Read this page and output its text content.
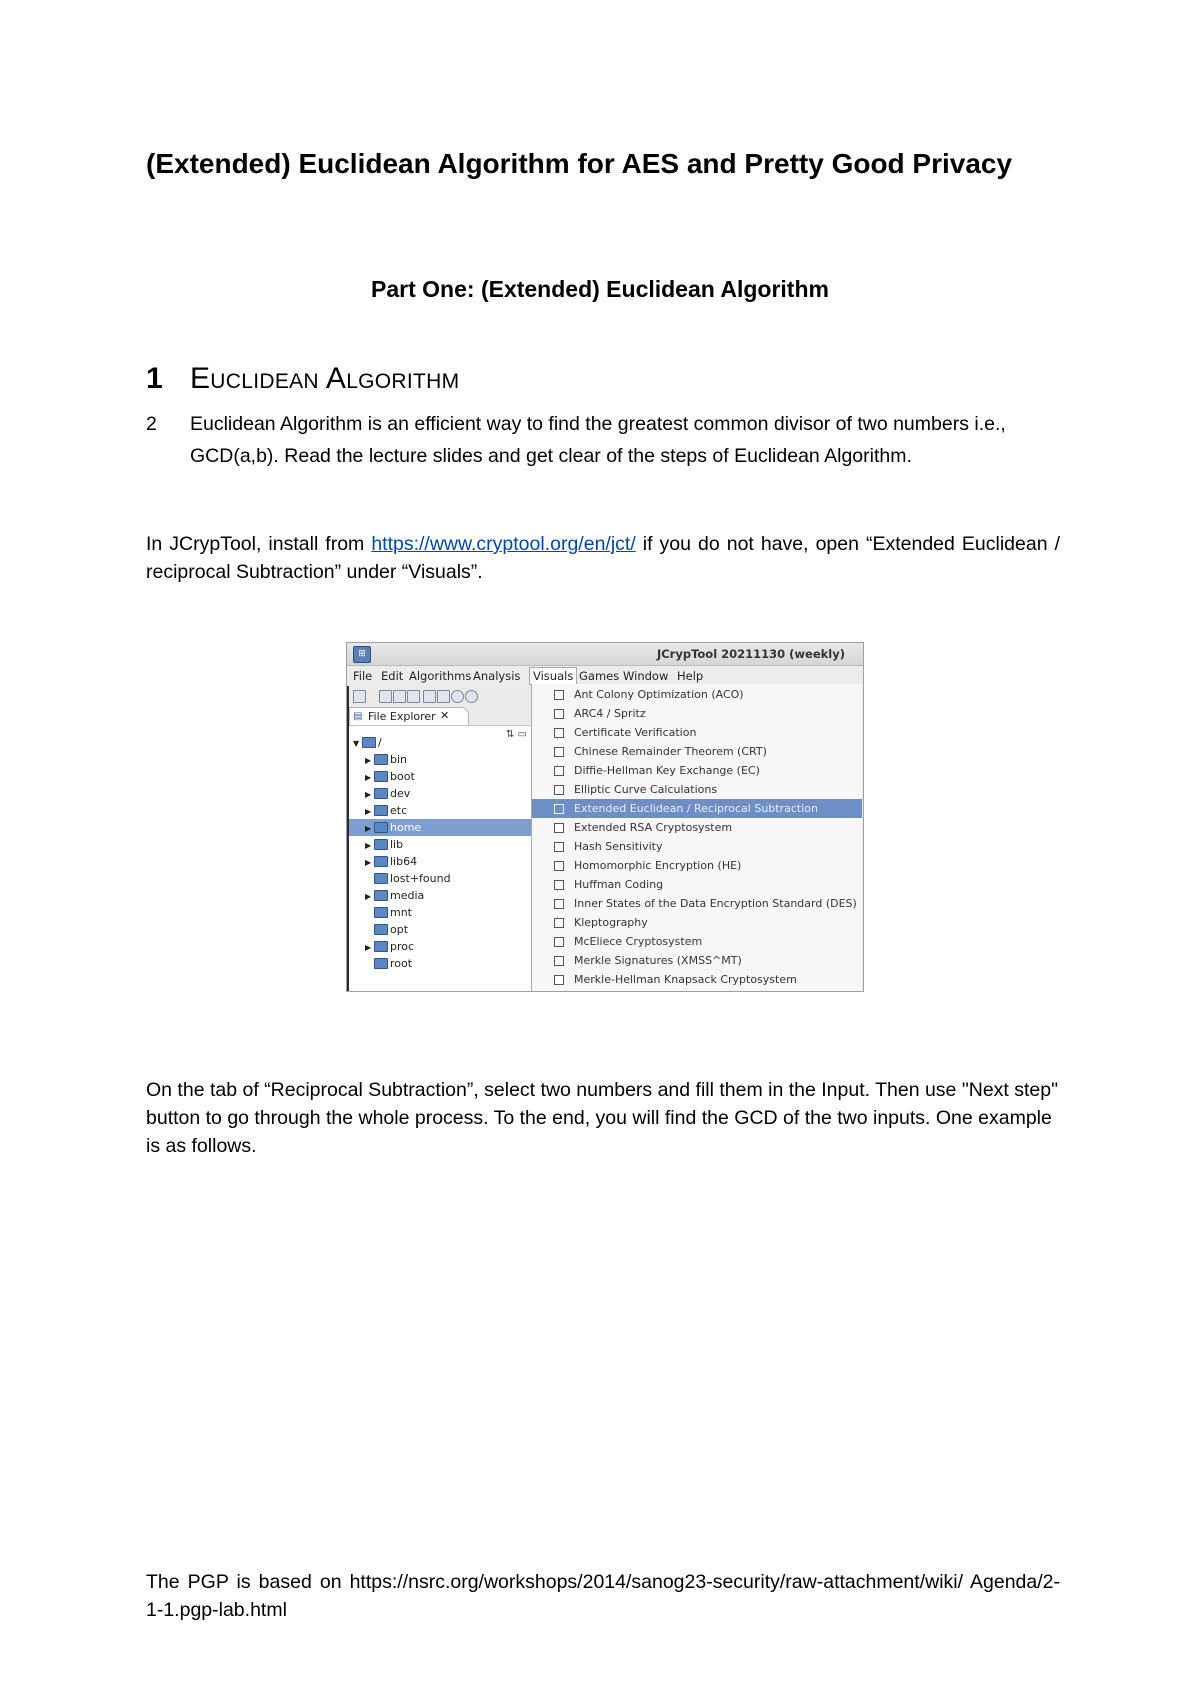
(Extended) Euclidean Algorithm for AES and Pretty Good Privacy
Part One: (Extended) Euclidean Algorithm
1 Euclidean Algorithm
2 Euclidean Algorithm is an efficient way to find the greatest common divisor of two numbers i.e., GCD(a,b). Read the lecture slides and get clear of the steps of Euclidean Algorithm.
In JCrypTool, install from https://www.cryptool.org/en/jct/ if you do not have, open “Extended Euclidean / reciprocal Subtraction” under “Visuals”.
⊞	JCrypTool 20211130 (weekly)
File Edit Algorithms Analysis	Visuals Games Window Help
▤ File Explorer ✕
⇅ ▭
▼ /
▶ bin
▶ boot
▶ dev
▶ etc
▶ home
▶ lib
▶ lib64
lost+found
▶ media
mnt
opt
▶ proc
root
Ant Colony Optimization (ACO)
ARC4 / Spritz
Certificate Verification
Chinese Remainder Theorem (CRT)
Diffie-Hellman Key Exchange (EC)
Elliptic Curve Calculations
Extended Euclidean / Reciprocal Subtraction
Extended RSA Cryptosystem
Hash Sensitivity
Homomorphic Encryption (HE)
Huffman Coding
Inner States of the Data Encryption Standard (DES)
Kleptography
McEliece Cryptosystem
Merkle Signatures (XMSS^MT)
Merkle-Hellman Knapsack Cryptosystem
On the tab of “Reciprocal Subtraction”, select two numbers and fill them in the Input. Then use "Next step" button to go through the whole process. To the end, you will find the GCD of the two inputs. One example is as follows.
The PGP is based on https://nsrc.org/workshops/2014/sanog23-security/raw-attachment/wiki/ Agenda/2-1-1.pgp-lab.html
